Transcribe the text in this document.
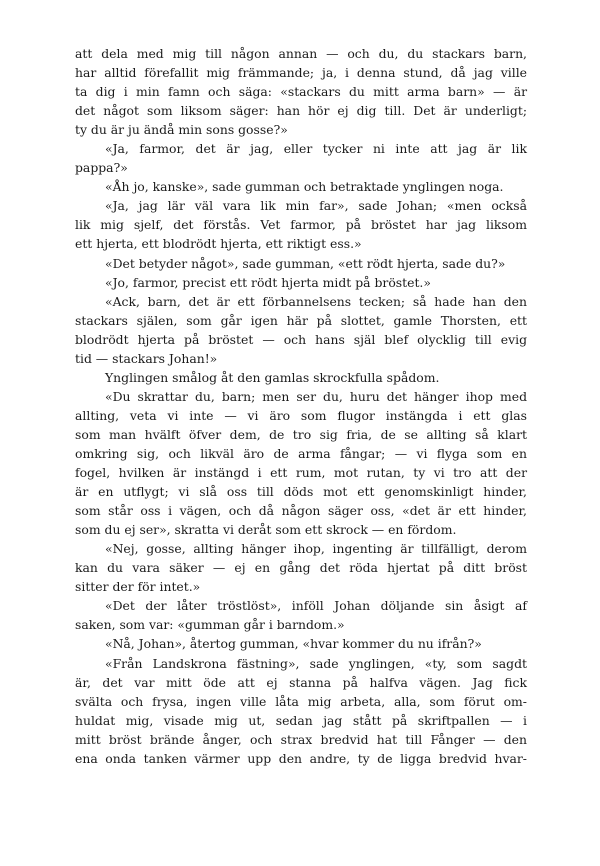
att dela med mig till någon annan — och du, du stackars barn,
har alltid förefallit mig främmande; ja, i denna stund, då jag ville
ta dig i min famn och säga: «stackars du mitt arma barn» — är
det något som liksom säger: han hör ej dig till. Det är underligt;
ty du är ju ändå min sons gosse?»
«Ja, farmor, det är jag, eller tycker ni inte att jag är lik
pappa?»
«Åh jo, kanske», sade gumman och betraktade ynglingen noga.
«Ja, jag lär väl vara lik min far», sade Johan; «men också
lik mig sjelf, det förstås. Vet farmor, på bröstet har jag liksom
ett hjerta, ett blodrödt hjerta, ett riktigt ess.»
«Det betyder något», sade gumman, «ett rödt hjerta, sade du?»
«Jo, farmor, precist ett rödt hjerta midt på bröstet.»
«Ack, barn, det är ett förbannelsens tecken; så hade han den
stackars själen, som går igen här på slottet, gamle Thorsten, ett
blodrödt hjerta på bröstet — och hans själ blef olycklig till evig
tid — stackars Johan!»
Ynglingen smålog åt den gamlas skrockfulla spådom.
«Du skrattar du, barn; men ser du, huru det hänger ihop med
allting, veta vi inte — vi äro som flugor instängda i ett glas
som man hvälft öfver dem, de tro sig fria, de se allting så klart
omkring sig, och likväl äro de arma fångar; — vi flyga som en
fogel, hvilken är instängd i ett rum, mot rutan, ty vi tro att der
är en utflygt; vi slå oss till döds mot ett genomskinligt hinder,
som står oss i vägen, och då någon säger oss, «det är ett hinder,
som du ej ser», skratta vi deråt som ett skrock — en fördom.
«Nej, gosse, allting hänger ihop, ingenting är tillfälligt, derom
kan du vara säker — ej en gång det röda hjertat på ditt bröst
sitter der för intet.»
«Det der låter tröstlöst», inföll Johan döljande sin åsigt af
saken, som var: «gumman går i barndom.»
«Nå, Johan», återtog gumman, «hvar kommer du nu ifrån?»
«Från Landskrona fästning», sade ynglingen, «ty, som sagdt
är, det var mitt öde att ej stanna på halfva vägen. Jag fick
svälta och frysa, ingen ville låta mig arbeta, alla, som förut om-
huldat mig, visade mig ut, sedan jag stått på skriftpallen — i
mitt bröst brände ånger, och strax bredvid hat till Fånger — den
ena onda tanken värmer upp den andre, ty de ligga bredvid hvar-
